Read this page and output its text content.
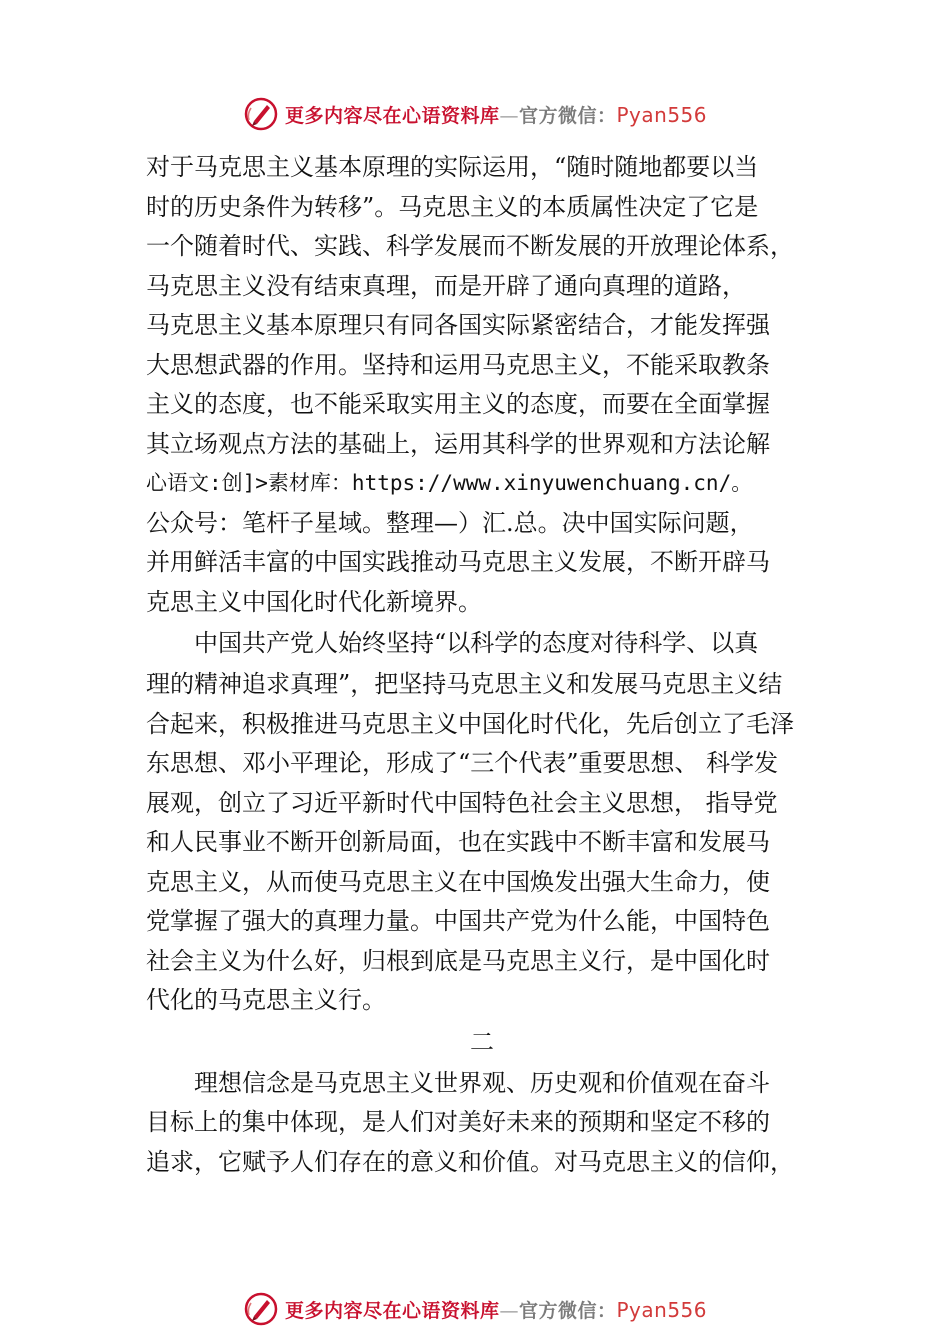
更多内容尽在心语资料库—官方微信：Pyan556
对于马克思主义基本原理的实际运用，“随时随地都要以当
时的历史条件为转移”。马克思主义的本质属性决定了它是
一个随着时代、实践、科学发展而不断发展的开放理论体系，
马克思主义没有结束真理，而是开辟了通向真理的道路，
马克思主义基本原理只有同各国实际紧密结合，才能发挥强
大思想武器的作用。坚持和运用马克思主义，不能采取教条
主义的态度，也不能采取实用主义的态度，而要在全面掌握
其立场观点方法的基础上，运用其科学的世界观和方法论解
心语文:创]>素材库：https://www.xinyuwenchuang.cn/。
公众号：笔杆子星域。整理—）汇.总。决中国实际问题，
并用鲜活丰富的中国实践推动马克思主义发展，不断开辟马
克思主义中国化时代化新境界。
　　中国共产党人始终坚持“以科学的态度对待科学、以真
理的精神追求真理”，把坚持马克思主义和发展马克思主义结
合起来，积极推进马克思主义中国化时代化，先后创立了毛泽
东思想、邓小平理论，形成了“三个代表”重要思想、 科学发
展观，创立了习近平新时代中国特色社会主义思想， 指导党
和人民事业不断开创新局面，也在实践中不断丰富和发展马
克思主义，从而使马克思主义在中国焕发出强大生命力，使
党掌握了强大的真理力量。中国共产党为什么能，中国特色
社会主义为什么好，归根到底是马克思主义行，是中国化时
代化的马克思主义行。
二
　　理想信念是马克思主义世界观、历史观和价值观在奋斗
目标上的集中体现，是人们对美好未来的预期和坚定不移的
追求，它赋予人们存在的意义和价值。对马克思主义的信仰，
更多内容尽在心语资料库—官方微信：Pyan556
